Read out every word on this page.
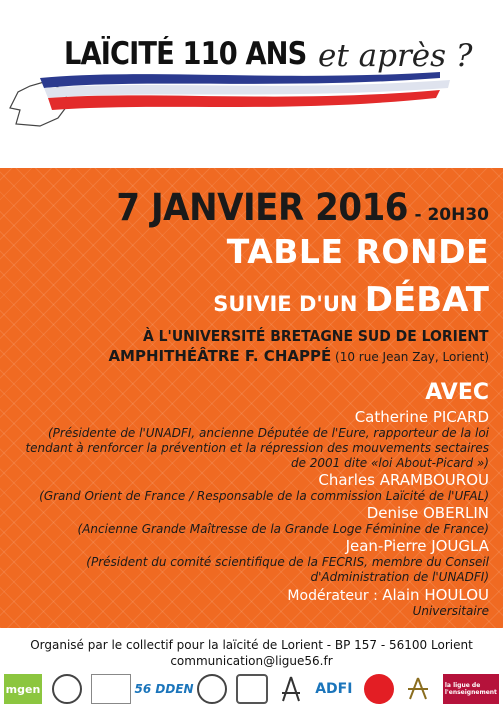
LAÏCITÉ 110 ANS et après ?
7 JANVIER 2016 - 20H30
TABLE RONDE
SUIVIE D'UN DÉBAT
À L'UNIVERSITÉ BRETAGNE SUD DE LORIENT
AMPHITHÉÂTRE F. CHAPPÉ (10 rue Jean Zay, Lorient)
AVEC
Catherine PICARD
(Présidente de l'UNADFI, ancienne Députée de l'Eure, rapporteur de la loi tendant à renforcer la prévention et la répression des mouvements sectaires de 2001 dite «loi About-Picard »)
Charles ARAMBOUROU
(Grand Orient de France / Responsable de la commission Laïcité de l'UFAL)
Denise OBERLIN
(Ancienne Grande Maîtresse de la Grande Loge Féminine de France)
Jean-Pierre JOUGLA
(Président du comité scientifique de la FECRIS, membre du Conseil d'Administration de l'UNADFI)
Modérateur : Alain HOULOU
Universitaire
Organisé par le collectif pour la laïcité de Lorient - BP 157 - 56100 Lorient
communication@ligue56.fr
mgen	56
DDEN	ADFI	la ligue de l'enseignement
